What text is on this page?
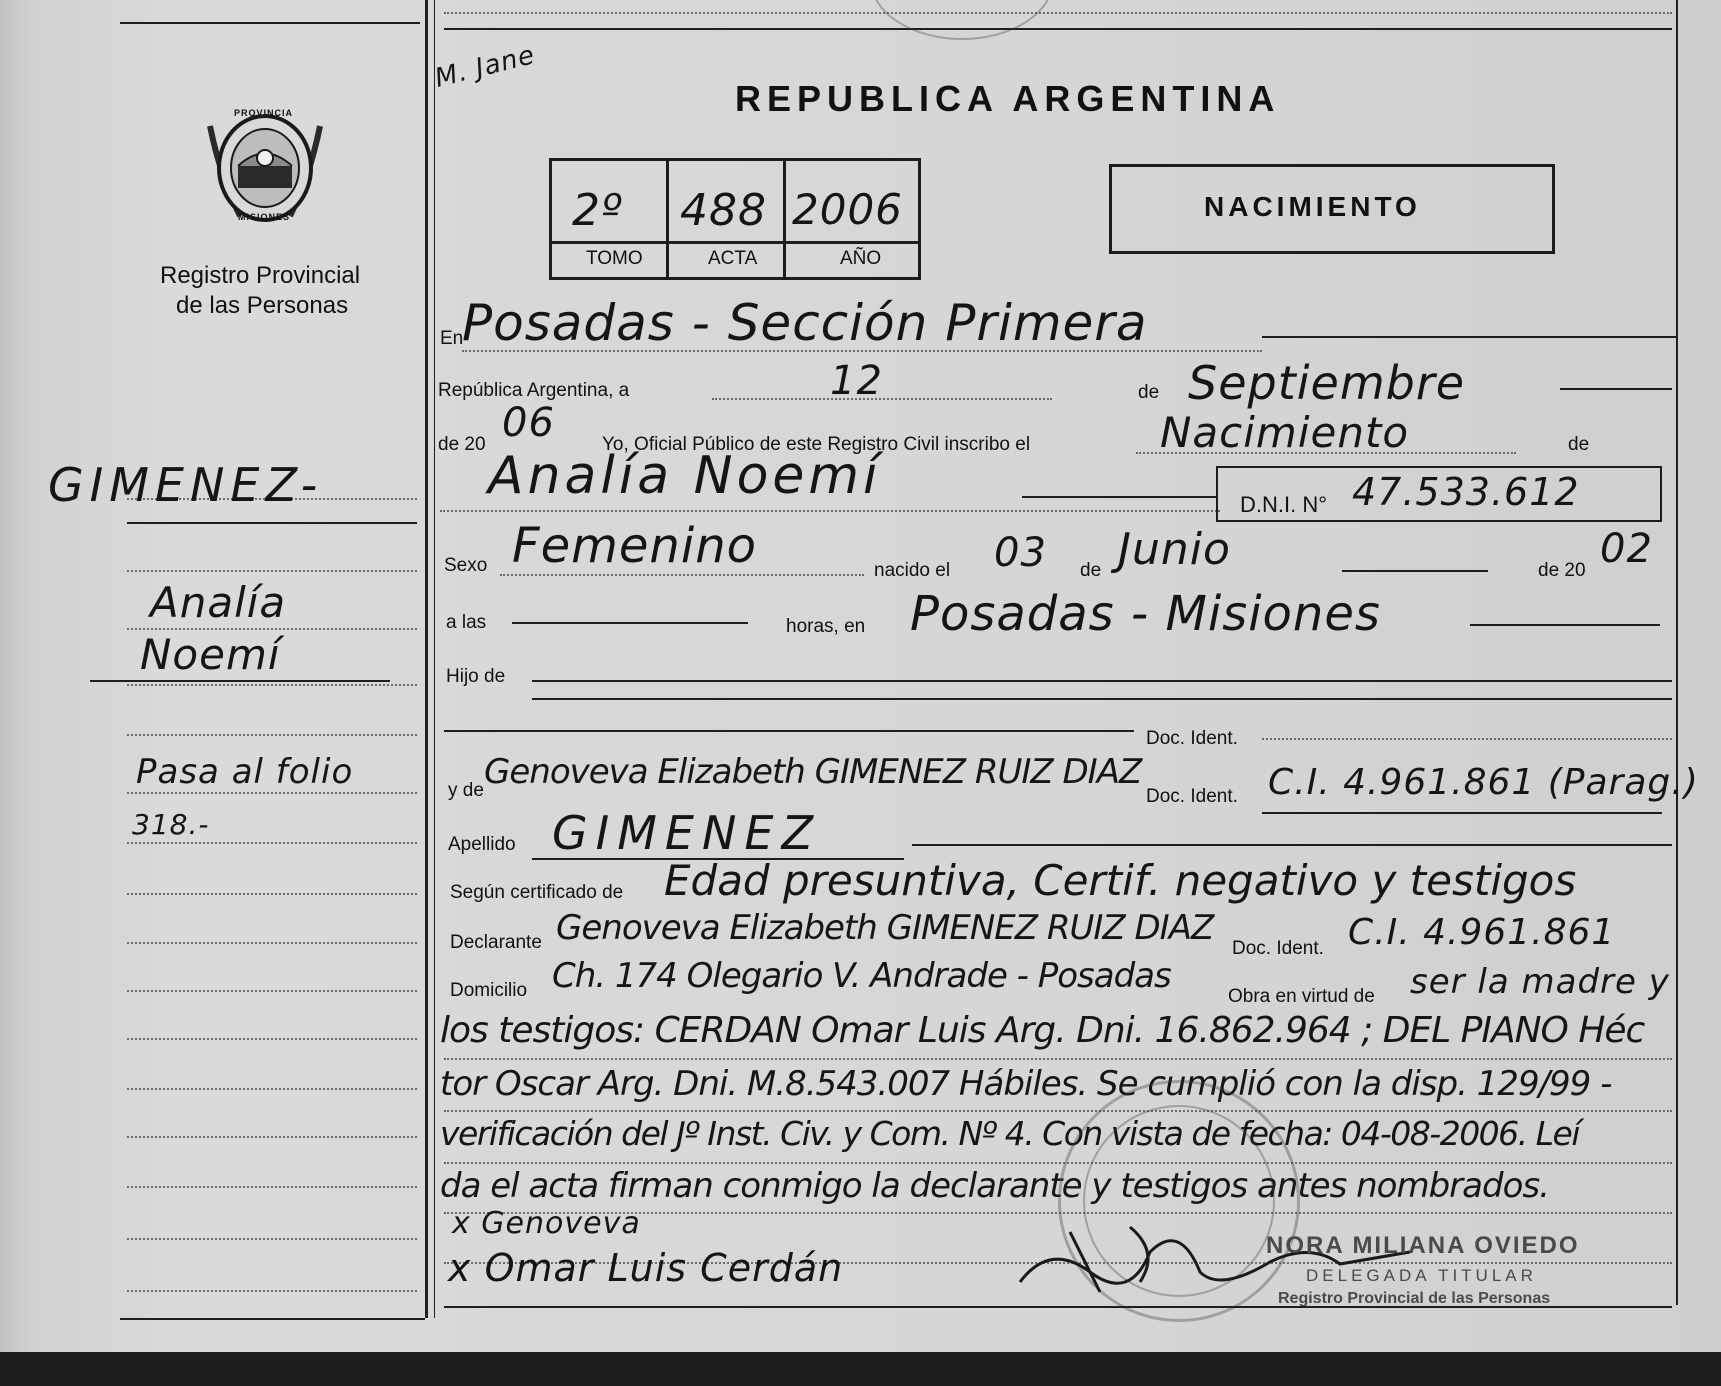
PROVINCIA
MISIONES
Registro Provincial
de las Personas
GIMENEZ-
Analía
Noemí
Pasa al folio
318.-
M. Jane
REPUBLICA ARGENTINA
2º 488 2006
TOMO	ACTA	AÑO
NACIMIENTO
En
Posadas - Sección Primera
República Argentina, a	12	de Septiembre
de 20 06 Yo, Oficial Público de este Registro Civil inscribo el	Nacimiento	de
Analía Noemí	D.N.I. N° 47.533.612
Sexo Femenino	nacido el 03 de Junio	de 20 02
a las	horas, en Posadas - Misiones
Hijo de
Doc. Ident.
y de Genoveva Elizabeth GIMENEZ RUIZ DIAZ
Doc. Ident. C.I. 4.961.861 (Parag.)
Apellido GIMENEZ
Según certificado de Edad presuntiva, Certif. negativo y testigos
Declarante Genoveva Elizabeth GIMENEZ RUIZ DIAZ
Doc. Ident. C.I. 4.961.861
Domicilio Ch. 174 Olegario V. Andrade - Posadas
Obra en virtud de ser la madre y
los testigos: CERDAN Omar Luis Arg. Dni. 16.862.964 ; DEL PIANO Héc
tor Oscar Arg. Dni. M.8.543.007 Hábiles. Se cumplió con la disp. 129/99 -
verificación del Jº Inst. Civ. y Com. Nº 4. Con vista de fecha: 04-08-2006. Leí
da el acta firman conmigo la declarante y testigos antes nombrados.
x Genoveva
x Omar Luis Cerdán
NORA MILIANA OVIEDO
DELEGADA TITULAR
Registro Provincial de las Personas
